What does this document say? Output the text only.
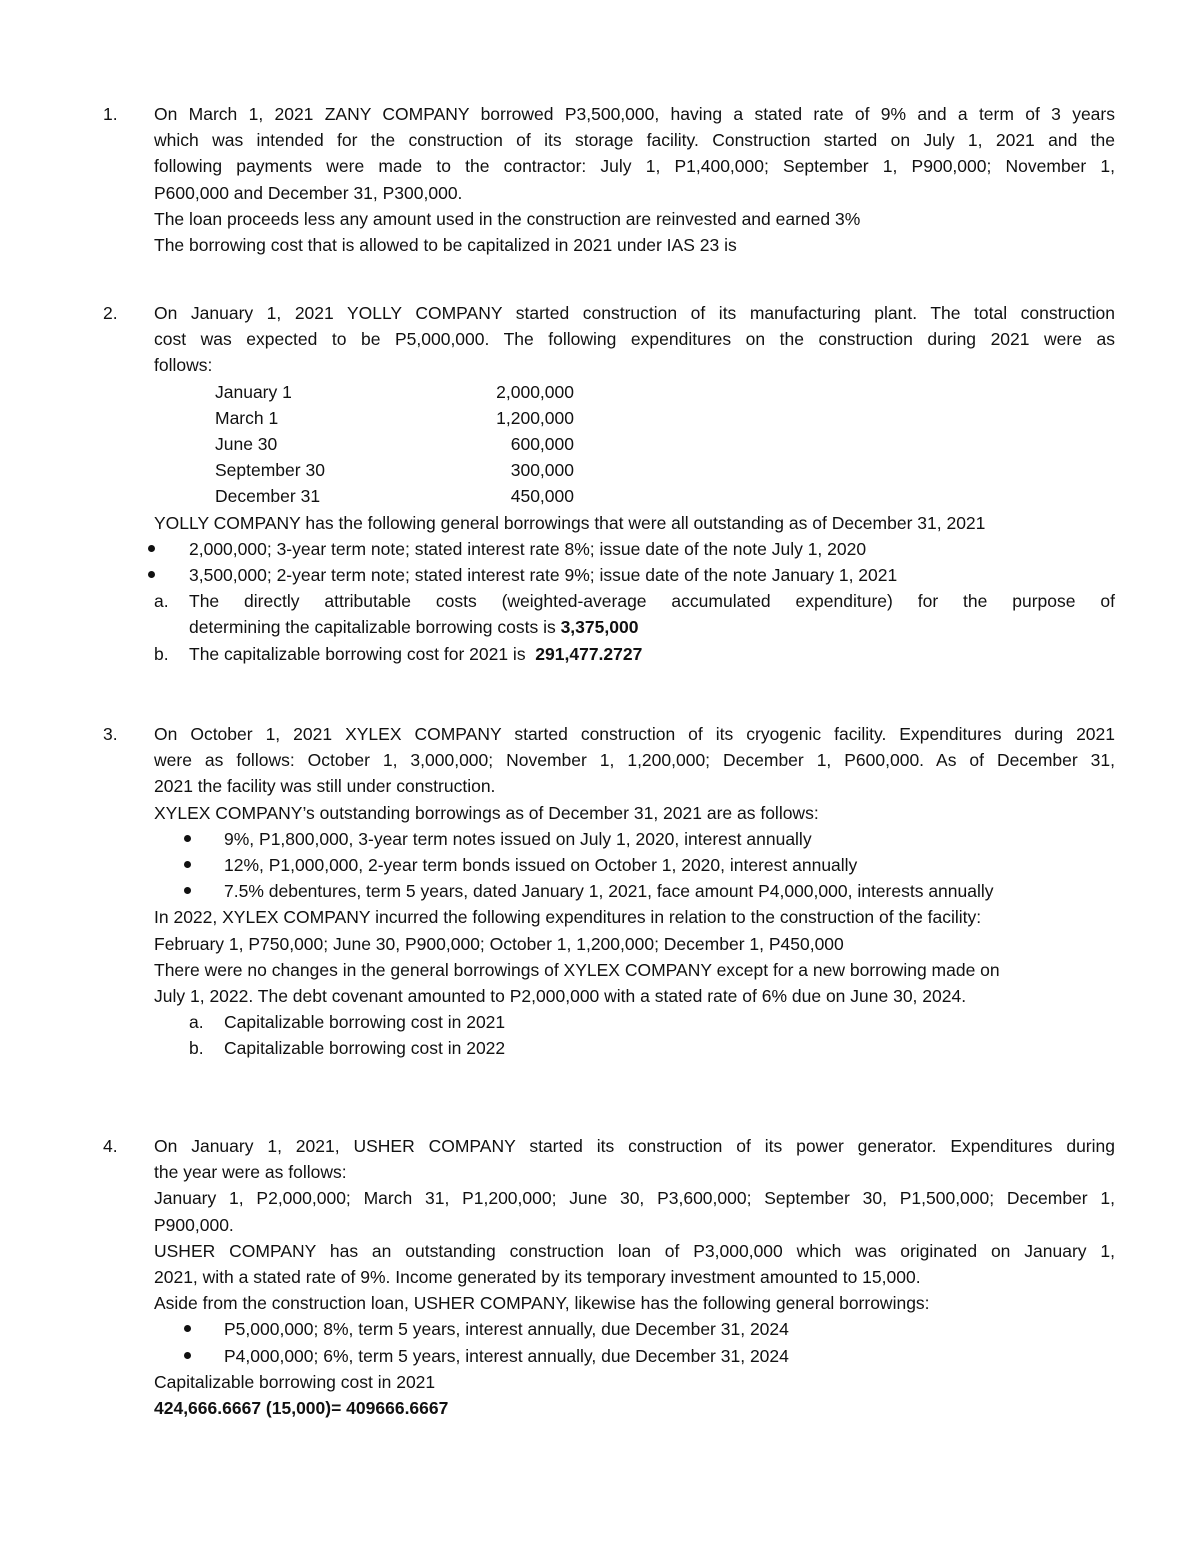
1. On March 1, 2021 ZANY COMPANY borrowed P3,500,000, having a stated rate of 9% and a term of 3 years

which was intended for the construction of its storage facility. Construction started on July 1, 2021 and the

following payments were made to the contractor: July 1, P1,400,000; September 1, P900,000; November 1,

P600,000 and December 31, P300,000.

The loan proceeds less any amount used in the construction are reinvested and earned 3%

The borrowing cost that is allowed to be capitalized in 2021 under IAS 23 is

2. On January 1, 2021 YOLLY COMPANY started construction of its manufacturing plant. The total construction

cost was expected to be P5,000,000. The following expenditures on the construction during 2021 were as

follows:

January 1	2,000,000
March 1	1,200,000
June 30	600,000
September 30	300,000
December 31	450,000

YOLLY COMPANY has the following general borrowings that were all outstanding as of December 31, 2021

2,000,000; 3-year term note; stated interest rate 8%; issue date of the note July 1, 2020
3,500,000; 2-year term note; stated interest rate 9%; issue date of the note January 1, 2021
a. The directly attributable costs (weighted-average accumulated expenditure) for the purpose of

determining the capitalizable borrowing costs is 3,375,000

b. The capitalizable borrowing cost for 2021 is  291,477.2727

3. On October 1, 2021 XYLEX COMPANY started construction of its cryogenic facility. Expenditures during 2021

were as follows: October 1, 3,000,000; November 1, 1,200,000; December 1, P600,000. As of December 31,

2021 the facility was still under construction.

XYLEX COMPANY’s outstanding borrowings as of December 31, 2021 are as follows:

9%, P1,800,000, 3-year term notes issued on July 1, 2020, interest annually
12%, P1,000,000, 2-year term bonds issued on October 1, 2020, interest annually
7.5% debentures, term 5 years, dated January 1, 2021, face amount P4,000,000, interests annually

In 2022, XYLEX COMPANY incurred the following expenditures in relation to the construction of the facility:

February 1, P750,000; June 30, P900,000; October 1, 1,200,000; December 1, P450,000

There were no changes in the general borrowings of XYLEX COMPANY except for a new borrowing made on

July 1, 2022. The debt covenant amounted to P2,000,000 with a stated rate of 6% due on June 30, 2024.

a. Capitalizable borrowing cost in 2021

b. Capitalizable borrowing cost in 2022

4. On January 1, 2021, USHER COMPANY started its construction of its power generator. Expenditures during

the year were as follows:

January 1, P2,000,000; March 31, P1,200,000; June 30, P3,600,000; September 30, P1,500,000; December 1,

P900,000.

USHER COMPANY has an outstanding construction loan of P3,000,000 which was originated on January 1,

2021, with a stated rate of 9%. Income generated by its temporary investment amounted to 15,000.

Aside from the construction loan, USHER COMPANY, likewise has the following general borrowings:

P5,000,000; 8%, term 5 years, interest annually, due December 31, 2024
P4,000,000; 6%, term 5 years, interest annually, due December 31, 2024

Capitalizable borrowing cost in 2021

424,666.6667 (15,000)= 409666.6667
